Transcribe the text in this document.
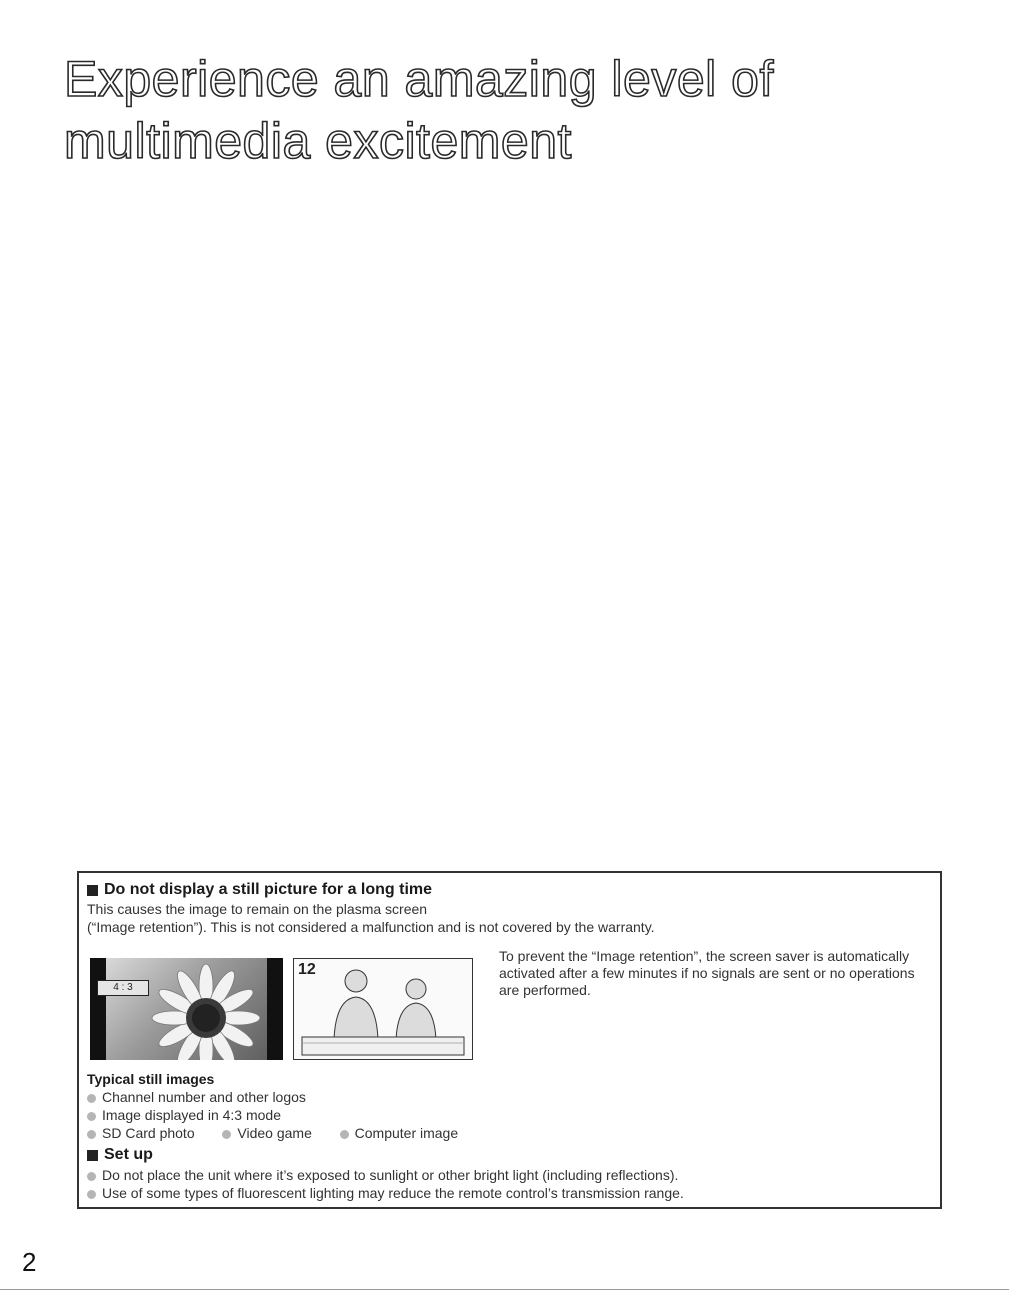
Experience an amazing level of
multimedia excitement
Do not display a still picture for a long time
This causes the image to remain on the plasma screen
(“Image retention”). This is not considered a malfunction and is not covered by the warranty.
4 : 3
12
To prevent the “Image retention”, the screen saver is automatically activated after a few minutes if no signals are sent or no operations are performed.
Typical still images
Channel number and other logos
Image displayed in 4:3 mode
SD Card photo	Video game	Computer image
Set up
Do not place the unit where it’s exposed to sunlight or other bright light (including reflections).
Use of some types of fluorescent lighting may reduce the remote control’s transmission range.
2
